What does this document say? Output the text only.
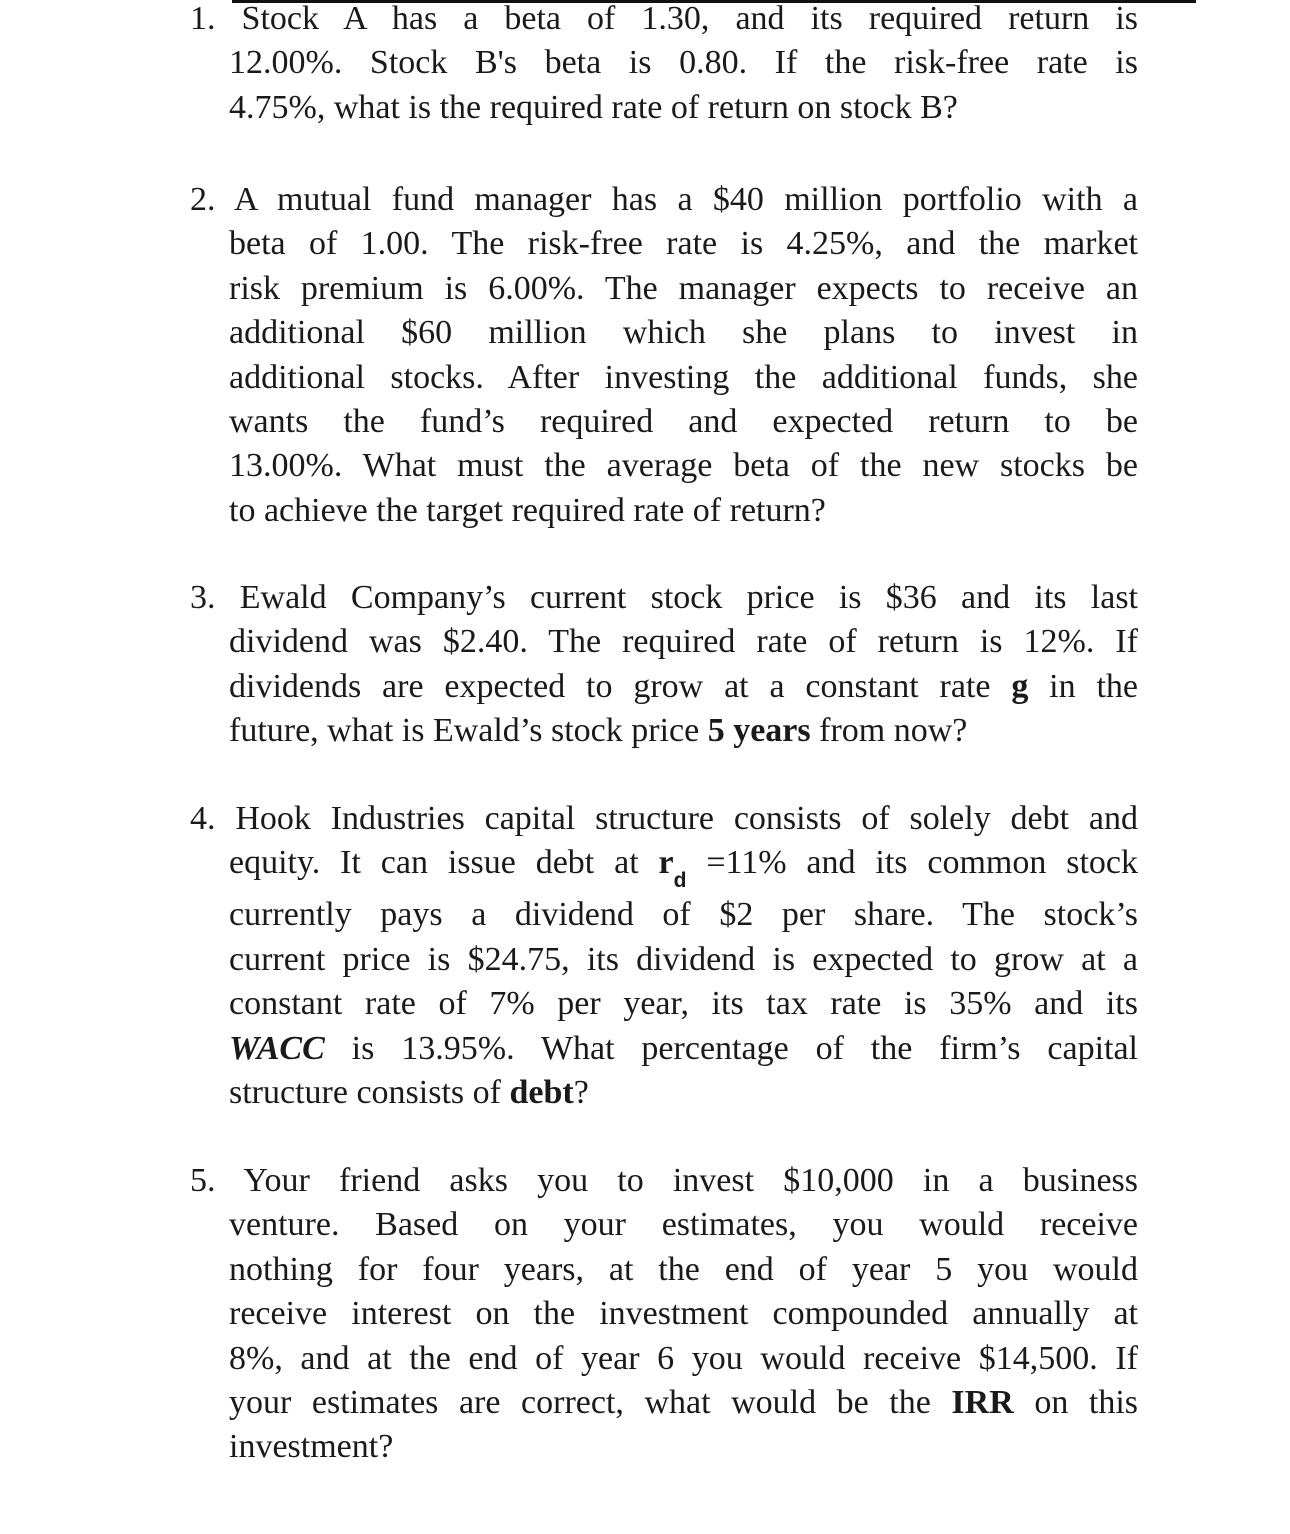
1. Stock A has a beta of 1.30, and its required return is
12.00%. Stock B's beta is 0.80. If the risk-free rate is
4.75%, what is the required rate of return on stock B?
2. A mutual fund manager has a $40 million portfolio with a
beta of 1.00. The risk-free rate is 4.25%, and the market
risk premium is 6.00%. The manager expects to receive an
additional $60 million which she plans to invest in
additional stocks. After investing the additional funds, she
wants the fund’s required and expected return to be
13.00%. What must the average beta of the new stocks be
to achieve the target required rate of return?
3. Ewald Company’s current stock price is $36 and its last
dividend was $2.40. The required rate of return is 12%. If
dividends are expected to grow at a constant rate g in the
future, what is Ewald’s stock price 5 years from now?
4. Hook Industries capital structure consists of solely debt and
equity. It can issue debt at $r_d =11\%$ and its common stock
currently pays a dividend of $2 per share. The stock’s
current price is $24.75, its dividend is expected to grow at a
constant rate of 7% per year, its tax rate is 35% and its
WACC is 13.95%. What percentage of the firm’s capital
structure consists of debt?
5. Your friend asks you to invest $10,000 in a business
venture. Based on your estimates, you would receive
nothing for four years, at the end of year 5 you would
receive interest on the investment compounded annually at
8%, and at the end of year 6 you would receive $14,500. If
your estimates are correct, what would be the IRR on this
investment?
